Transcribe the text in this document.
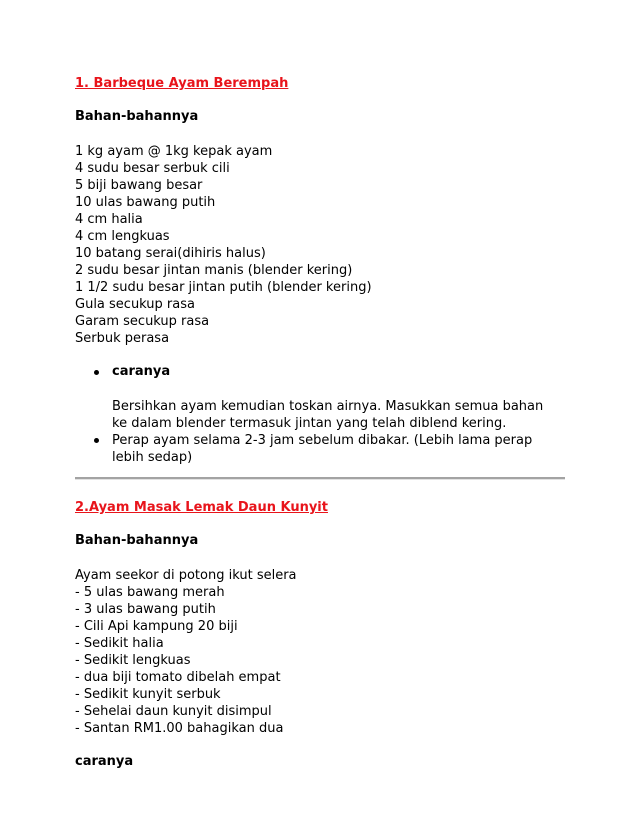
1. Barbeque Ayam Berempah
Bahan-bahannya
1 kg ayam @ 1kg kepak ayam
4 sudu besar serbuk cili
5 biji bawang besar
10 ulas bawang putih
4 cm halia
4 cm lengkuas
10 batang serai(dihiris halus)
2 sudu besar jintan manis (blender kering)
1 1/2 sudu besar jintan putih (blender kering)
Gula secukup rasa
Garam secukup rasa
Serbuk perasa
caranya
Bersihkan ayam kemudian toskan airnya. Masukkan semua bahan ke dalam blender termasuk jintan yang telah diblend kering.
Perap ayam selama 2-3 jam sebelum dibakar. (Lebih lama perap lebih sedap)
2.Ayam Masak Lemak Daun Kunyit
Bahan-bahannya
Ayam seekor di potong ikut selera
- 5 ulas bawang merah
- 3 ulas bawang putih
- Cili Api kampung 20 biji
- Sedikit halia
- Sedikit lengkuas
- dua biji tomato dibelah empat
- Sedikit kunyit serbuk
- Sehelai daun kunyit disimpul
- Santan RM1.00 bahagikan dua
caranya
